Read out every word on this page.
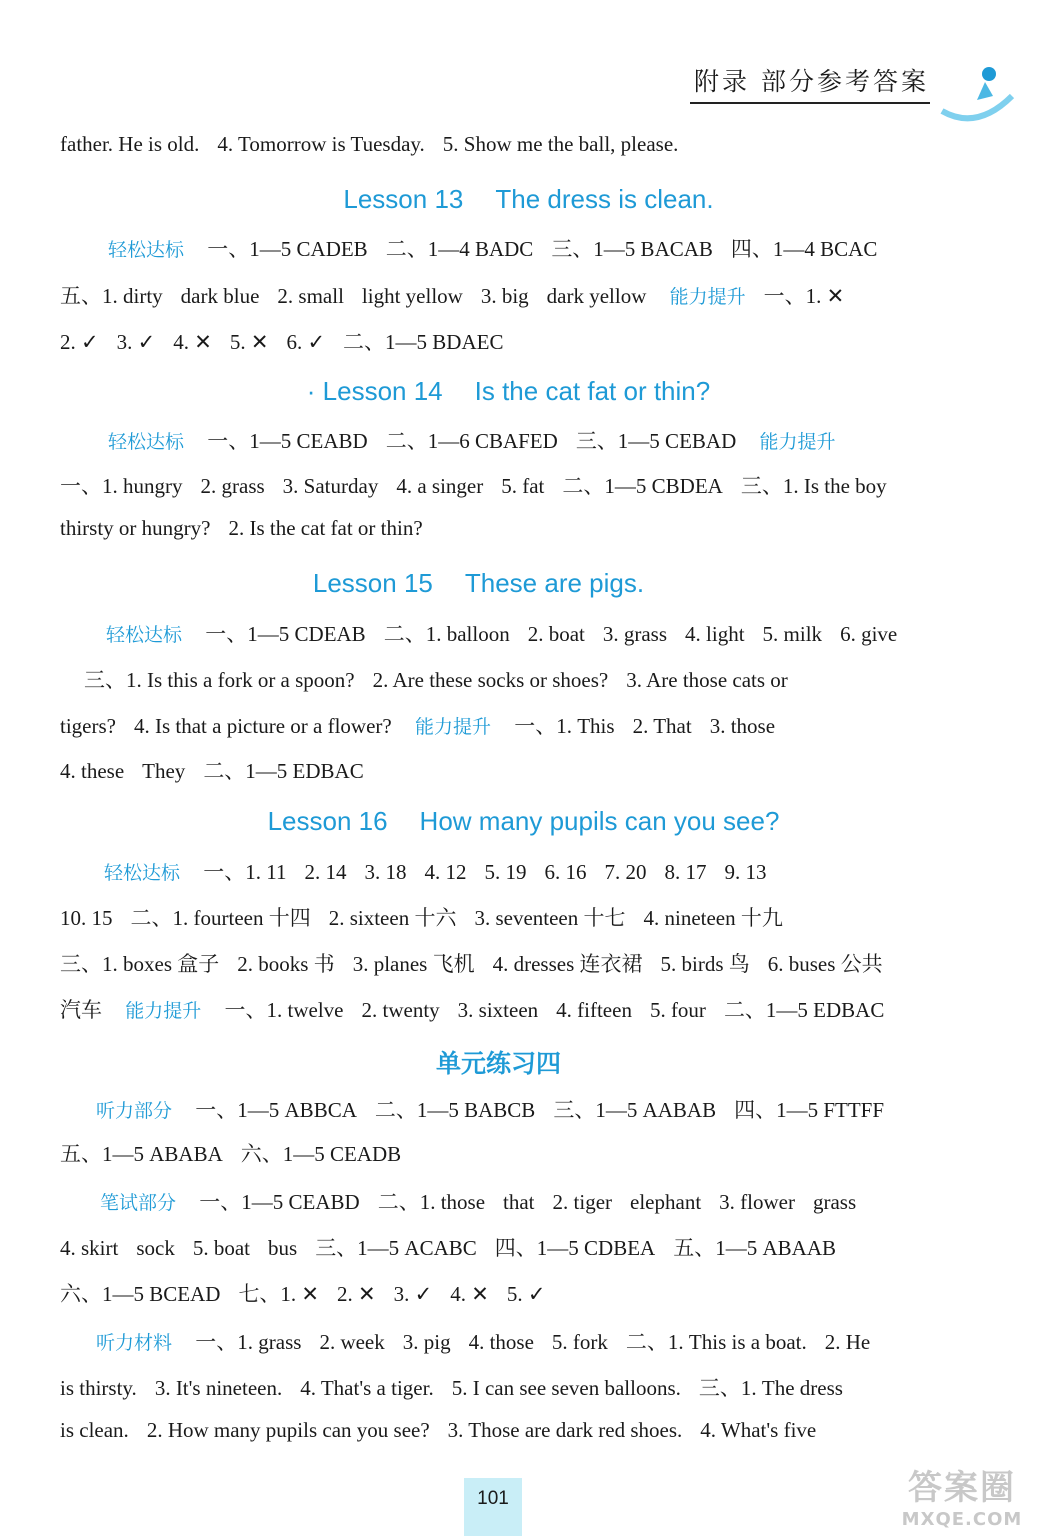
附录 部分参考答案
father. He is old. 4. Tomorrow is Tuesday. 5. Show me the ball, please.
Lesson 13 The dress is clean.
轻松达标 一、1—5 CADEB 二、1—4 BADC 三、1—5 BACAB 四、1—4 BCAC
五、1. dirty dark blue 2. small light yellow 3. big dark yellow 能力提升 一、1. ✕
2. ✓ 3. ✓ 4. ✕ 5. ✕ 6. ✓ 二、1—5 BDAEC
· Lesson 14 Is the cat fat or thin?
轻松达标 一、1—5 CEABD 二、1—6 CBAFED 三、1—5 CEBAD 能力提升
一、1. hungry 2. grass 3. Saturday 4. a singer 5. fat 二、1—5 CBDEA 三、1. Is the boy
thirsty or hungry? 2. Is the cat fat or thin?
Lesson 15 These are pigs.
轻松达标 一、1—5 CDEAB 二、1. balloon 2. boat 3. grass 4. light 5. milk 6. give
三、1. Is this a fork or a spoon? 2. Are these socks or shoes? 3. Are those cats or
tigers? 4. Is that a picture or a flower? 能力提升 一、1. This 2. That 3. those
4. these They 二、1—5 EDBAC
Lesson 16 How many pupils can you see?
轻松达标 一、1. 11 2. 14 3. 18 4. 12 5. 19 6. 16 7. 20 8. 17 9. 13
10. 15 二、1. fourteen 十四 2. sixteen 十六 3. seventeen 十七 4. nineteen 十九
三、1. boxes 盒子 2. books 书 3. planes 飞机 4. dresses 连衣裙 5. birds 鸟 6. buses 公共
汽车 能力提升 一、1. twelve 2. twenty 3. sixteen 4. fifteen 5. four 二、1—5 EDBAC
单元练习四
听力部分 一、1—5 ABBCA 二、1—5 BABCB 三、1—5 AABAB 四、1—5 FTTFF
五、1—5 ABABA 六、1—5 CEADB
笔试部分 一、1—5 CEABD 二、1. those that 2. tiger elephant 3. flower grass
4. skirt sock 5. boat bus 三、1—5 ACABC 四、1—5 CDBEA 五、1—5 ABAAB
六、1—5 BCEAD 七、1. ✕ 2. ✕ 3. ✓ 4. ✕ 5. ✓
听力材料 一、1. grass 2. week 3. pig 4. those 5. fork 二、1. This is a boat. 2. He
is thirsty. 3. It's nineteen. 4. That's a tiger. 5. I can see seven balloons. 三、1. The dress
is clean. 2. How many pupils can you see? 3. Those are dark red shoes. 4. What's five
101	答案圈
MXQE.COM
